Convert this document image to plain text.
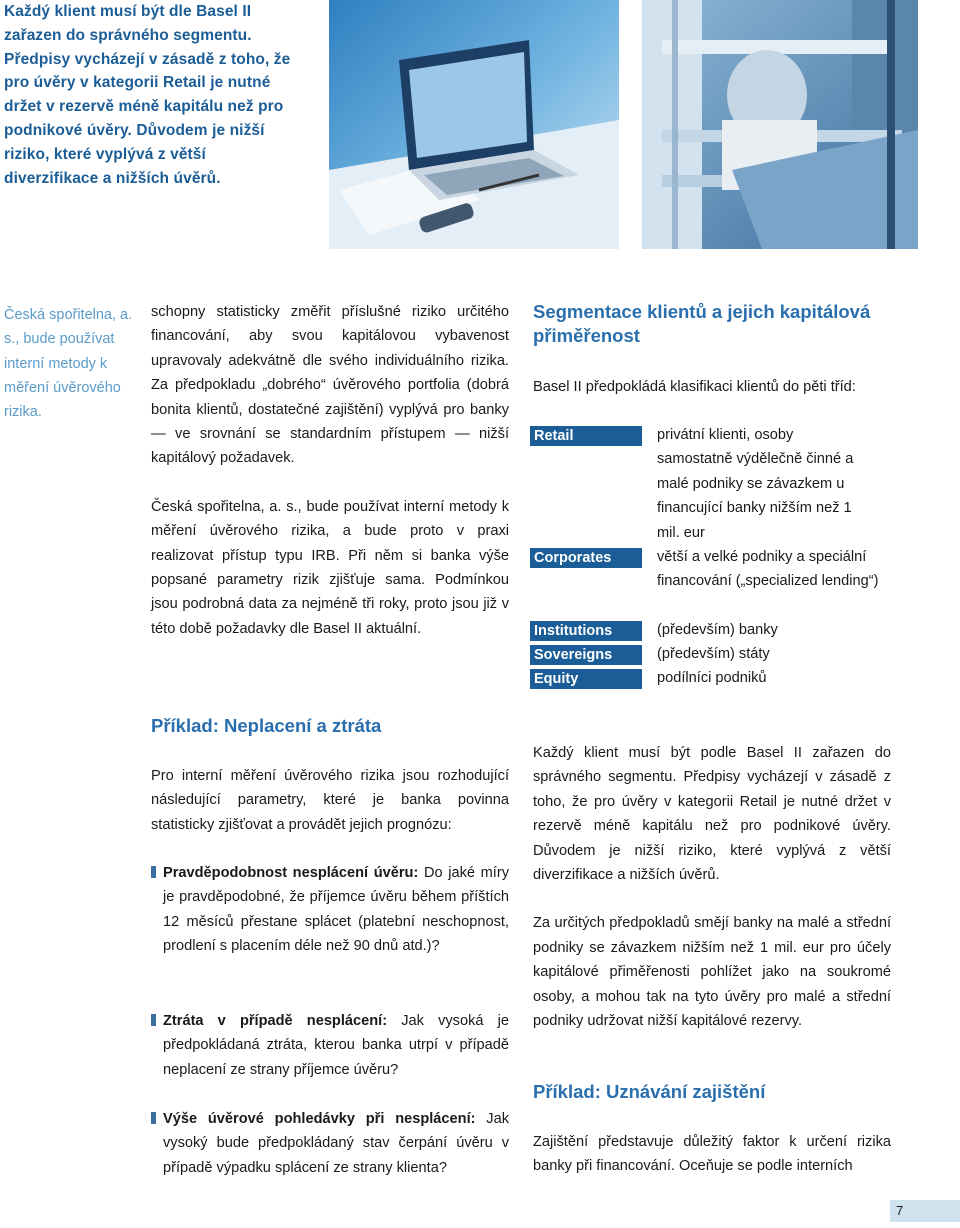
Každý klient musí být dle Basel II zařazen do správného segmentu. Předpisy vycházejí v zásadě z toho, že pro úvěry v kategorii Retail je nutné držet v rezervě méně kapitálu než pro podnikové úvěry. Důvodem je nižší riziko, které vyplývá z větší diverzifikace a nižších úvěrů.
Česká spořitelna, a. s., bude používat interní metody k měření úvěrového rizika.

schopny statisticky změřit příslušné riziko určitého financování, aby svou kapitálovou vybavenost upravovaly adekvátně dle svého individuálního rizika. Za předpokladu „dobrého“ úvěrového portfolia (dobrá bonita klientů, dostatečné zajištění) vyplývá pro banky — ve srovnání se standardním přístupem — nižší kapitálový požadavek.

Česká spořitelna, a. s., bude používat interní metody k měření úvěrového rizika, a bude proto v praxi realizovat přístup typu IRB. Při něm si banka výše popsané parametry rizik zjišťuje sama. Podmínkou jsou podrobná data za nejméně tři roky, proto jsou již v této době požadavky dle Basel II aktuální.

Segmentace klientů a jejich kapitálová přiměřenost
Basel II předpokládá klasifikaci klientů do pěti tříd:
Retail	privátní klienti, osoby samostatně výdělečně činné a malé podniky se závazkem u financující banky nižším než 1 mil. eur
Corporates	větší a velké podniky a speciální financování („specialized lending“)
Institutions	(především) banky
Sovereigns	(především) státy
Equity	podílníci podniků
Příklad: Neplacení a ztráta
Pro interní měření úvěrového rizika jsou rozhodující následující parametry, které je banka povinna statisticky zjišťovat a provádět jejich prognózu:

Pravděpodobnost nesplácení úvěru: Do jaké míry je pravděpodobné, že příjemce úvěru během příštích 12 měsíců přestane splácet (platební neschopnost, prodlení s placením déle než 90 dnů atd.)?

Ztráta v případě nesplácení: Jak vysoká je předpokládaná ztráta, kterou banka utrpí v případě neplacení ze strany příjemce úvěru?

Výše úvěrové pohledávky při nesplácení: Jak vysoký bude předpokládaný stav čerpání úvěru v případě výpadku splácení ze strany klienta?

Každý klient musí být podle Basel II zařazen do správného segmentu. Předpisy vycházejí v zásadě z toho, že pro úvěry v kategorii Retail je nutné držet v rezervě méně kapitálu než pro podnikové úvěry. Důvodem je nižší riziko, které vyplývá z větší diverzifikace a nižších úvěrů.

Za určitých předpokladů smějí banky na malé a střední podniky se závazkem nižším než 1 mil. eur pro účely kapitálové přiměřenosti pohlížet jako na soukromé osoby, a mohou tak na tyto úvěry pro malé a střední podniky udržovat nižší kapitálové rezervy.

Příklad: Uznávání zajištění
Zajištění představuje důležitý faktor k určení rizika banky při financování. Oceňuje se podle interních
7
